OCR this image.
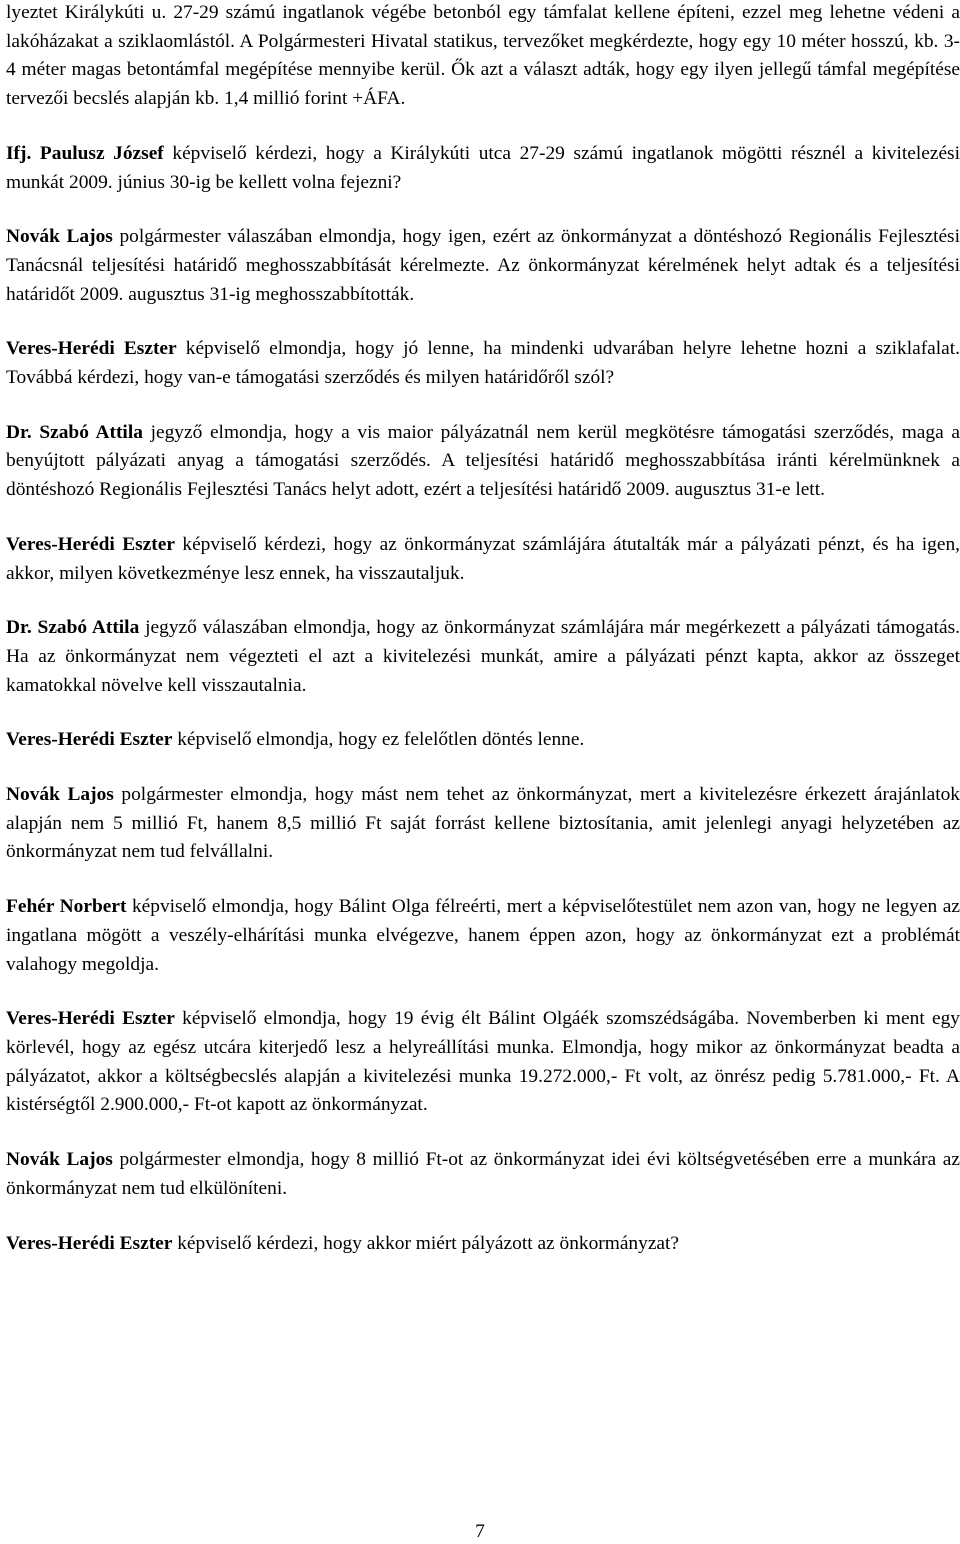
lyeztet Királykúti u. 27-29 számú ingatlanok végébe betonból egy támfalat kellene építeni, ezzel meg lehetne védeni a lakóházakat a sziklaomlástól. A Polgármesteri Hivatal statikus, tervezőket megkérdezte, hogy egy 10 méter hosszú, kb. 3-4 méter magas betontámfal megépítése mennyibe kerül. Ők azt a választ adták, hogy egy ilyen jellegű támfal megépítése tervezői becslés alapján kb. 1,4 millió forint +ÁFA.

Ifj. Paulusz József képviselő kérdezi, hogy a Királykúti utca 27-29 számú ingatlanok mögötti résznél a kivitelezési munkát 2009. június 30-ig be kellett volna fejezni?

Novák Lajos polgármester válaszában elmondja, hogy igen, ezért az önkormányzat a döntéshozó Regionális Fejlesztési Tanácsnál teljesítési határidő meghosszabbítását kérelmezte. Az önkormányzat kérelmének helyt adtak és a teljesítési határidőt 2009. augusztus 31-ig meghosszabbították.

Veres-Herédi Eszter képviselő elmondja, hogy jó lenne, ha mindenki udvarában helyre lehetne hozni a sziklafalat. Továbbá kérdezi, hogy van-e támogatási szerződés és milyen határidőről szól?

Dr. Szabó Attila jegyző elmondja, hogy a vis maior pályázatnál nem kerül megkötésre támogatási szerződés, maga a benyújtott pályázati anyag a támogatási szerződés. A teljesítési határidő meghosszabbítása iránti kérelmünknek a döntéshozó Regionális Fejlesztési Tanács helyt adott, ezért a teljesítési határidő 2009. augusztus 31-e lett.

Veres-Herédi Eszter képviselő kérdezi, hogy az önkormányzat számlájára átutalták már a pályázati pénzt, és ha igen, akkor, milyen következménye lesz ennek, ha visszautaljuk.

Dr. Szabó Attila jegyző válaszában elmondja, hogy az önkormányzat számlájára már megérkezett a pályázati támogatás. Ha az önkormányzat nem végezteti el azt a kivitelezési munkát, amire a pályázati pénzt kapta, akkor az összeget kamatokkal növelve kell visszautalnia.

Veres-Herédi Eszter képviselő elmondja, hogy ez felelőtlen döntés lenne.

Novák Lajos polgármester elmondja, hogy mást nem tehet az önkormányzat, mert a kivitelezésre érkezett árajánlatok alapján nem 5 millió Ft, hanem 8,5 millió Ft saját forrást kellene biztosítania, amit jelenlegi anyagi helyzetében az önkormányzat nem tud felvállalni.

Fehér Norbert képviselő elmondja, hogy Bálint Olga félreérti, mert a képviselőtestület nem azon van, hogy ne legyen az ingatlana mögött a veszély-elhárítási munka elvégezve, hanem éppen azon, hogy az önkormányzat ezt a problémát valahogy megoldja.

Veres-Herédi Eszter képviselő elmondja, hogy 19 évig élt Bálint Olgáék szomszédságába. Novemberben ki ment egy körlevél, hogy az egész utcára kiterjedő lesz a helyreállítási munka. Elmondja, hogy mikor az önkormányzat beadta a pályázatot, akkor a költségbecslés alapján a kivitelezési munka 19.272.000,- Ft volt, az önrész pedig 5.781.000,- Ft. A kistérségtől 2.900.000,- Ft-ot kapott az önkormányzat.

Novák Lajos polgármester elmondja, hogy 8 millió Ft-ot az önkormányzat idei évi költségvetésében erre a munkára az önkormányzat nem tud elkülöníteni.

Veres-Herédi Eszter képviselő kérdezi, hogy akkor miért pályázott az önkormányzat?

7
